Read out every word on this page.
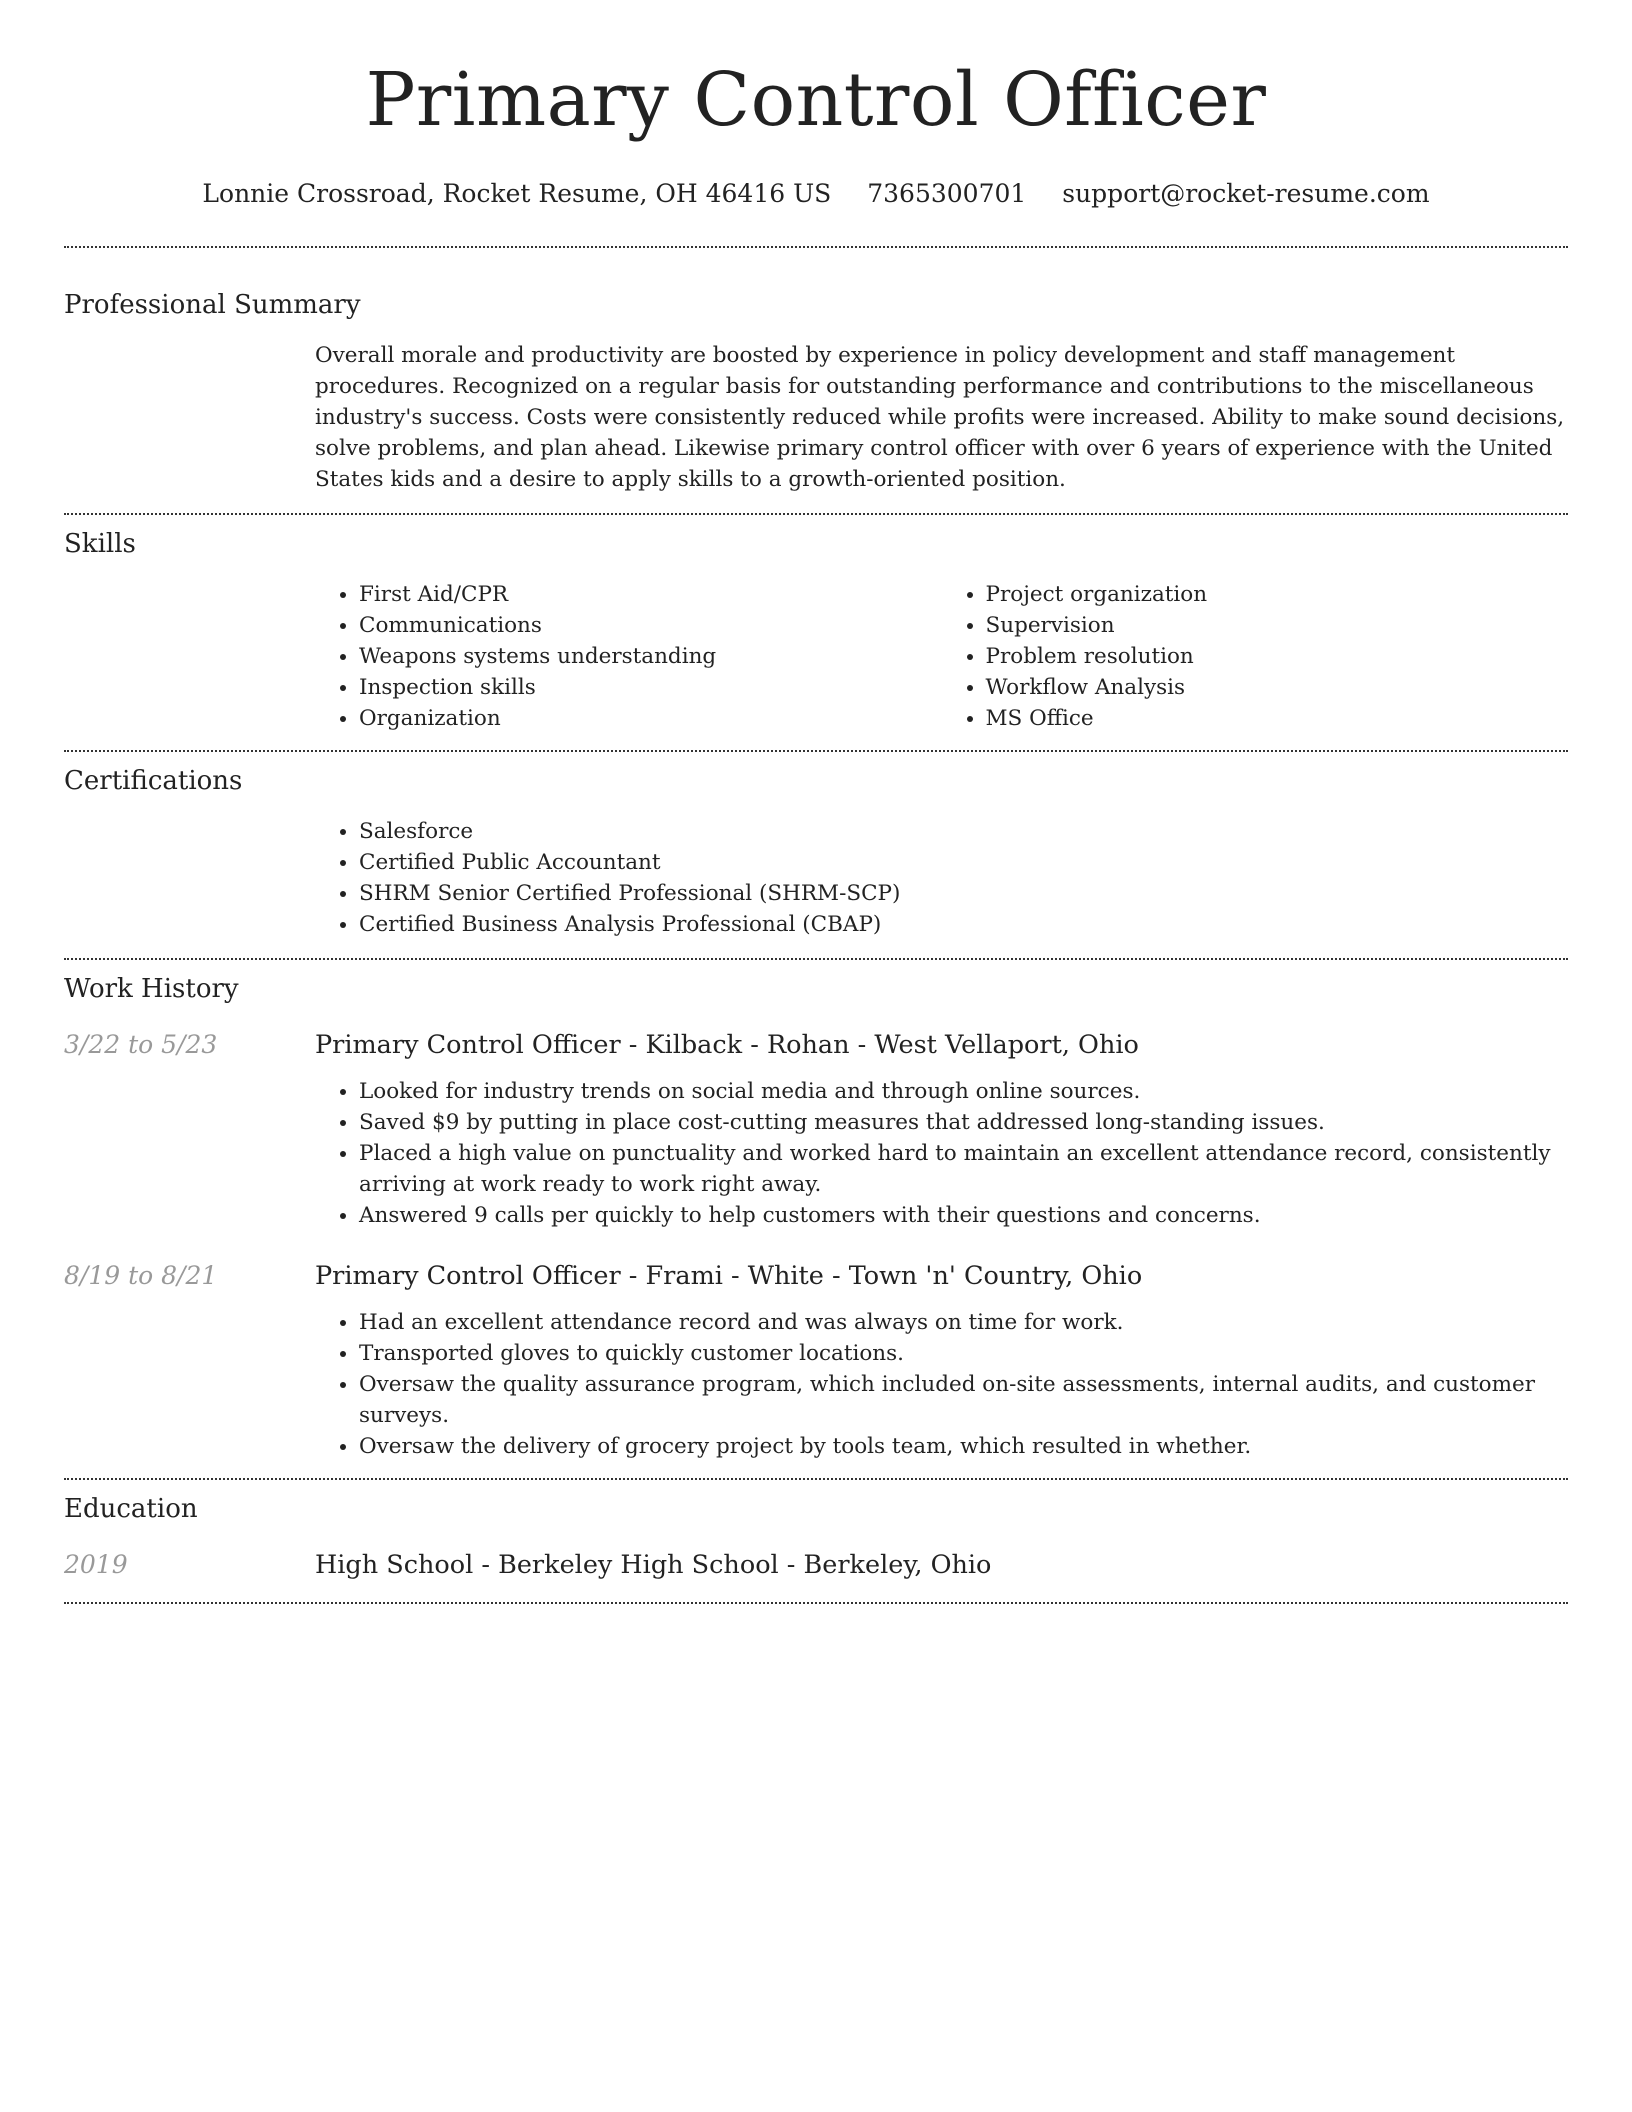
Primary Control Officer
Lonnie Crossroad, Rocket Resume, OH 46416 US 7365300701 support@rocket-resume.com
Professional Summary
Overall morale and productivity are boosted by experience in policy development and staff management procedures. Recognized on a regular basis for outstanding performance and contributions to the miscellaneous industry's success. Costs were consistently reduced while profits were increased. Ability to make sound decisions, solve problems, and plan ahead. Likewise primary control officer with over 6 years of experience with the United States kids and a desire to apply skills to a growth-oriented position.
Skills
• First Aid/CPR
• Communications
• Weapons systems understanding
• Inspection skills
• Organization
• Project organization
• Supervision
• Problem resolution
• Workflow Analysis
• MS Office
Certifications
• Salesforce
• Certified Public Accountant
• SHRM Senior Certified Professional (SHRM-SCP)
• Certified Business Analysis Professional (CBAP)
Work History
3/22 to 5/23	Primary Control Officer - Kilback - Rohan - West Vellaport, Ohio
• Looked for industry trends on social media and through online sources.
• Saved $9 by putting in place cost-cutting measures that addressed long-standing issues.
• Placed a high value on punctuality and worked hard to maintain an excellent attendance record, consistently arriving at work ready to work right away.
• Answered 9 calls per quickly to help customers with their questions and concerns.
8/19 to 8/21	Primary Control Officer - Frami - White - Town 'n' Country, Ohio
• Had an excellent attendance record and was always on time for work.
• Transported gloves to quickly customer locations.
• Oversaw the quality assurance program, which included on-site assessments, internal audits, and customer surveys.
• Oversaw the delivery of grocery project by tools team, which resulted in whether.
Education
2019	High School - Berkeley High School - Berkeley, Ohio
